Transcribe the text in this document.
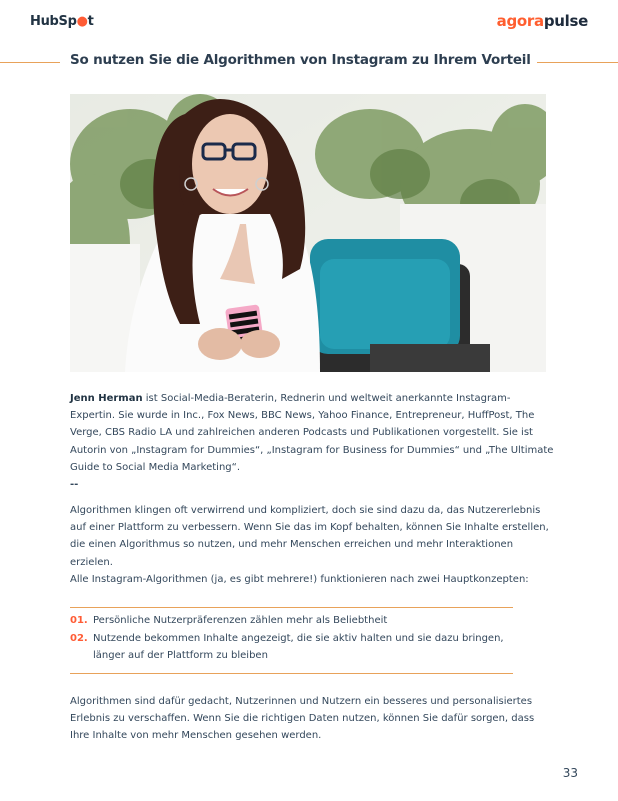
HubSp●t	agorapulse
So nutzen Sie die Algorithmen von Instagram zu Ihrem Vorteil

Jenn Herman ist Social-Media-Beraterin, Rednerin und weltweit anerkannte Instagram-Expertin. Sie wurde in Inc., Fox News, BBC News, Yahoo Finance, Entrepreneur, HuffPost, The Verge, CBS Radio LA und zahlreichen anderen Podcasts und Publikationen vorgestellt. Sie ist Autorin von „Instagram for Dummies“, „Instagram for Business for Dummies“ und „The Ultimate Guide to Social Media Marketing“.

--

Algorithmen klingen oft verwirrend und kompliziert, doch sie sind dazu da, das Nutzererlebnis auf einer Plattform zu verbessern. Wenn Sie das im Kopf behalten, können Sie Inhalte erstellen, die einen Algorithmus so nutzen, und mehr Menschen erreichen und mehr Interaktionen erzielen.

Alle Instagram-Algorithmen (ja, es gibt mehrere!) funktionieren nach zwei Hauptkonzepten:

01. Persönliche Nutzerpräferenzen zählen mehr als Beliebtheit
02. Nutzende bekommen Inhalte angezeigt, die sie aktiv halten und sie dazu bringen, länger auf der Plattform zu bleiben

Algorithmen sind dafür gedacht, Nutzerinnen und Nutzern ein besseres und personalisiertes Erlebnis zu verschaffen. Wenn Sie die richtigen Daten nutzen, können Sie dafür sorgen, dass Ihre Inhalte von mehr Menschen gesehen werden.

33
